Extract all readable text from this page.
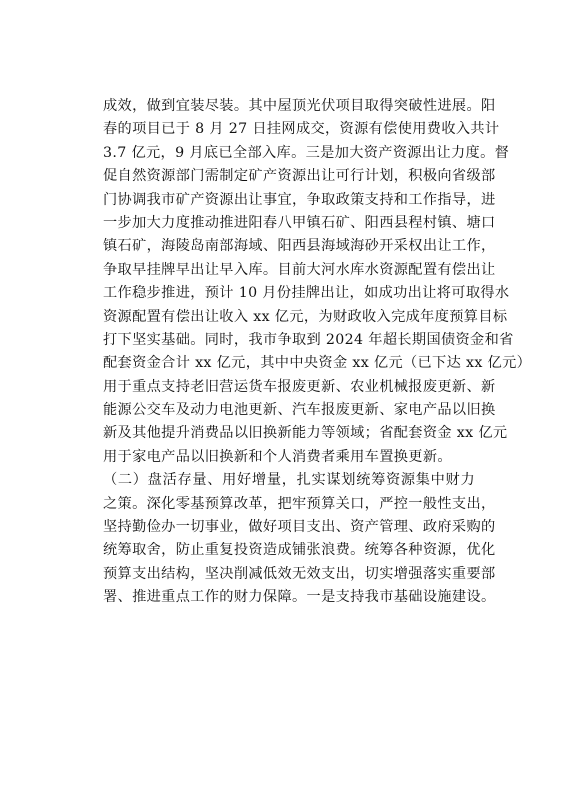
成效，做到宜装尽装。其中屋顶光伏项目取得突破性进展。阳
春的项目已于 8 月 27 日挂网成交，资源有偿使用费收入共计
3.7 亿元，9 月底已全部入库。三是加大资产资源出让力度。督
促自然资源部门需制定矿产资源出让可行计划，积极向省级部
门协调我市矿产资源出让事宜，争取政策支持和工作指导，进
一步加大力度推动推进阳春八甲镇石矿、阳西县程村镇、塘口
镇石矿，海陵岛南部海域、阳西县海域海砂开采权出让工作，
争取早挂牌早出让早入库。目前大河水库水资源配置有偿出让
工作稳步推进，预计 10 月份挂牌出让，如成功出让将可取得水
资源配置有偿出让收入 xx 亿元，为财政收入完成年度预算目标
打下坚实基础。同时，我市争取到 2024 年超长期国债资金和省
配套资金合计 xx 亿元，其中中央资金 xx 亿元（已下达 xx 亿元）
用于重点支持老旧营运货车报废更新、农业机械报废更新、新
能源公交车及动力电池更新、汽车报废更新、家电产品以旧换
新及其他提升消费品以旧换新能力等领域；省配套资金 xx 亿元
用于家电产品以旧换新和个人消费者乘用车置换更新。
（二）盘活存量、用好增量，扎实谋划统筹资源集中财力
之策。深化零基预算改革，把牢预算关口，严控一般性支出，
坚持勤俭办一切事业，做好项目支出、资产管理、政府采购的
统筹取舍，防止重复投资造成铺张浪费。统筹各种资源，优化
预算支出结构，坚决削减低效无效支出，切实增强落实重要部
署、推进重点工作的财力保障。一是支持我市基础设施建设。
